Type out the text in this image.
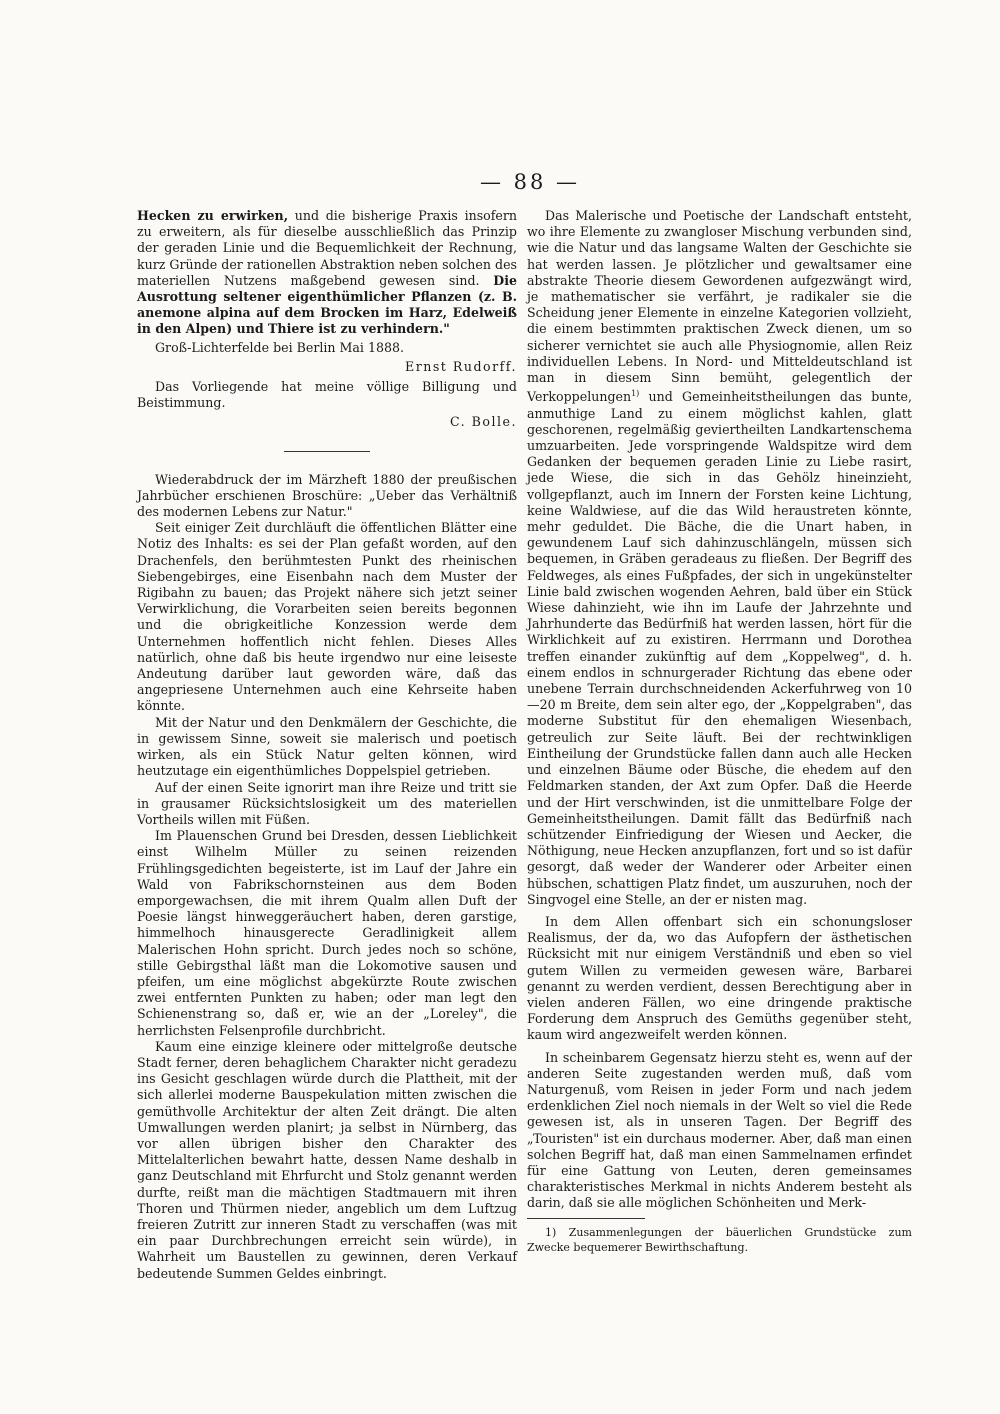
— 88 —

Hecken zu erwirken, und die bisherige Praxis insofern zu erweitern, als für dieselbe ausschließlich das Prinzip der geraden Linie und die Bequemlichkeit der Rechnung, kurz Gründe der rationellen Abstraktion neben solchen des materiellen Nutzens maßgebend gewesen sind. Die Ausrottung seltener eigenthümlicher Pflanzen (z. B. anemone alpina auf dem Brocken im Harz, Edelweiß in den Alpen) und Thiere ist zu verhindern."

Groß-Lichterfelde bei Berlin Mai 1888.

Ernst Rudorff.

Das Vorliegende hat meine völlige Billigung und Beistimmung.

C. Bolle.

Wiederabdruck der im Märzheft 1880 der preußischen Jahrbücher erschienen Broschüre: „Ueber das Verhältniß des modernen Lebens zur Natur."

Seit einiger Zeit durchläuft die öffentlichen Blätter eine Notiz des Inhalts: es sei der Plan gefaßt worden, auf den Drachenfels, den berühmtesten Punkt des rheinischen Siebengebirges, eine Eisenbahn nach dem Muster der Rigibahn zu bauen; das Projekt nähere sich jetzt seiner Verwirklichung, die Vorarbeiten seien bereits begonnen und die obrigkeitliche Konzession werde dem Unternehmen hoffentlich nicht fehlen. Dieses Alles natürlich, ohne daß bis heute irgendwo nur eine leiseste Andeutung darüber laut geworden wäre, daß das angepriesene Unternehmen auch eine Kehrseite haben könnte.

Mit der Natur und den Denkmälern der Geschichte, die in gewissem Sinne, soweit sie malerisch und poetisch wirken, als ein Stück Natur gelten können, wird heutzutage ein eigenthümliches Doppelspiel getrieben.

Auf der einen Seite ignorirt man ihre Reize und tritt sie in grausamer Rücksichtslosigkeit um des materiellen Vortheils willen mit Füßen.

Im Plauenschen Grund bei Dresden, dessen Lieblichkeit einst Wilhelm Müller zu seinen reizenden Frühlingsgedichten begeisterte, ist im Lauf der Jahre ein Wald von Fabrikschornsteinen aus dem Boden emporgewachsen, die mit ihrem Qualm allen Duft der Poesie längst hinweggeräuchert haben, deren garstige, himmelhoch hinausgerecte Geradlinigkeit allem Malerischen Hohn spricht. Durch jedes noch so schöne, stille Gebirgsthal läßt man die Lokomotive sausen und pfeifen, um eine möglichst abgekürzte Route zwischen zwei entfernten Punkten zu haben; oder man legt den Schienenstrang so, daß er, wie an der „Loreley", die herrlichsten Felsenprofile durchbricht.

Kaum eine einzige kleinere oder mittelgroße deutsche Stadt ferner, deren behaglichem Charakter nicht geradezu ins Gesicht geschlagen würde durch die Plattheit, mit der sich allerlei moderne Bauspekulation mitten zwischen die gemüthvolle Architektur der alten Zeit drängt. Die alten Umwallungen werden planirt; ja selbst in Nürnberg, das vor allen übrigen bisher den Charakter des Mittelalterlichen bewahrt hatte, dessen Name deshalb in ganz Deutschland mit Ehrfurcht und Stolz genannt werden durfte, reißt man die mächtigen Stadtmauern mit ihren Thoren und Thürmen nieder, angeblich um dem Luftzug freieren Zutritt zur inneren Stadt zu verschaffen (was mit ein paar Durchbrechungen erreicht sein würde), in Wahrheit um Baustellen zu gewinnen, deren Verkauf bedeutende Summen Geldes einbringt.

Das Malerische und Poetische der Landschaft entsteht, wo ihre Elemente zu zwangloser Mischung verbunden sind, wie die Natur und das langsame Walten der Geschichte sie hat werden lassen. Je plötzlicher und gewaltsamer eine abstrakte Theorie diesem Gewordenen aufgezwängt wird, je mathematischer sie verfährt, je radikaler sie die Scheidung jener Elemente in einzelne Kategorien vollzieht, die einem bestimmten praktischen Zweck dienen, um so sicherer vernichtet sie auch alle Physiognomie, allen Reiz individuellen Lebens. In Nord- und Mitteldeutschland ist man in diesem Sinn bemüht, gelegentlich der Verkoppelungen$^{1)}$ und Gemeinheitstheilungen das bunte, anmuthige Land zu einem möglichst kahlen, glatt geschorenen, regelmäßig geviertheilten Landkartenschema umzuarbeiten. Jede vorspringende Waldspitze wird dem Gedanken der bequemen geraden Linie zu Liebe rasirt, jede Wiese, die sich in das Gehölz hineinzieht, vollgepflanzt, auch im Innern der Forsten keine Lichtung, keine Waldwiese, auf die das Wild heraustreten könnte, mehr geduldet. Die Bäche, die die Unart haben, in gewundenem Lauf sich dahinzuschlängeln, müssen sich bequemen, in Gräben geradeaus zu fließen. Der Begriff des Feldweges, als eines Fußpfades, der sich in ungekünstelter Linie bald zwischen wogenden Aehren, bald über ein Stück Wiese dahinzieht, wie ihn im Laufe der Jahrzehnte und Jahrhunderte das Bedürfniß hat werden lassen, hört für die Wirklichkeit auf zu existiren. Herrmann und Dorothea treffen einander zukünftig auf dem „Koppelweg", d. h. einem endlos in schnurgerader Richtung das ebene oder unebene Terrain durchschneidenden Ackerfuhrweg von 10—20 m Breite, dem sein alter ego, der „Koppelgraben", das moderne Substitut für den ehemaligen Wiesenbach, getreulich zur Seite läuft. Bei der rechtwinkligen Eintheilung der Grundstücke fallen dann auch alle Hecken und einzelnen Bäume oder Büsche, die ehedem auf den Feldmarken standen, der Axt zum Opfer. Daß die Heerde und der Hirt verschwinden, ist die unmittelbare Folge der Gemeinheitstheilungen. Damit fällt das Bedürfniß nach schützender Einfriedigung der Wiesen und Aecker, die Nöthigung, neue Hecken anzupflanzen, fort und so ist dafür gesorgt, daß weder der Wanderer oder Arbeiter einen hübschen, schattigen Platz findet, um auszuruhen, noch der Singvogel eine Stelle, an der er nisten mag.

In dem Allen offenbart sich ein schonungsloser Realismus, der da, wo das Aufopfern der ästhetischen Rücksicht mit nur einigem Verständniß und eben so viel gutem Willen zu vermeiden gewesen wäre, Barbarei genannt zu werden verdient, dessen Berechtigung aber in vielen anderen Fällen, wo eine dringende praktische Forderung dem Anspruch des Gemüths gegenüber steht, kaum wird angezweifelt werden können.

In scheinbarem Gegensatz hierzu steht es, wenn auf der anderen Seite zugestanden werden muß, daß vom Naturgenuß, vom Reisen in jeder Form und nach jedem erdenklichen Ziel noch niemals in der Welt so viel die Rede gewesen ist, als in unseren Tagen. Der Begriff des „Touristen" ist ein durchaus moderner. Aber, daß man einen solchen Begriff hat, daß man einen Sammelnamen erfindet für eine Gattung von Leuten, deren gemeinsames charakteristisches Merkmal in nichts Anderem besteht als darin, daß sie alle möglichen Schönheiten und Merk-

1) Zusammenlegungen der bäuerlichen Grundstücke zum Zwecke bequemerer Bewirthschaftung.
